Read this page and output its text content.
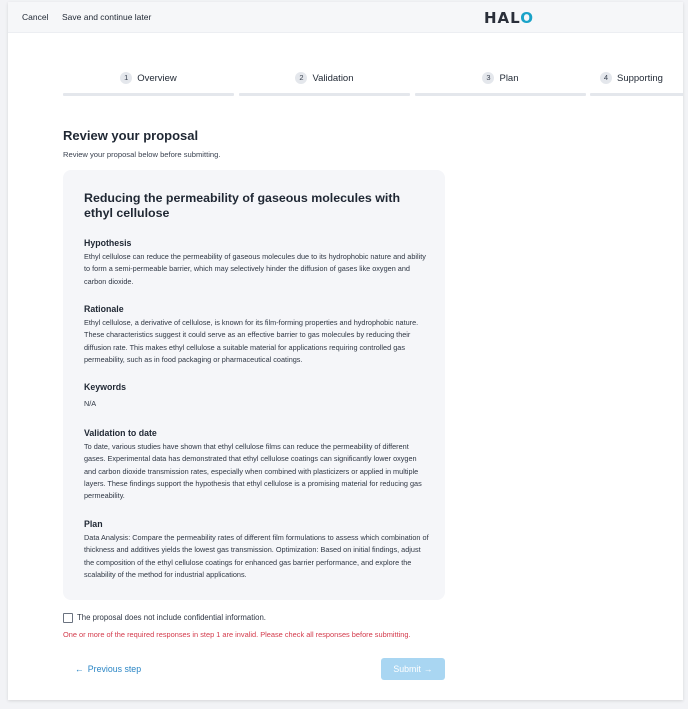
Cancel Save and continue later	HALO
1 Overview	2 Validation	3 Plan	4 Supporting
Review your proposal
Review your proposal below before submitting.
Reducing the permeability of gaseous molecules with ethyl cellulose
Hypothesis

Ethyl cellulose can reduce the permeability of gaseous molecules due to its hydrophobic nature and ability to form a semi-permeable barrier, which may selectively hinder the diffusion of gases like oxygen and carbon dioxide.

Rationale

Ethyl cellulose, a derivative of cellulose, is known for its film-forming properties and hydrophobic nature. These characteristics suggest it could serve as an effective barrier to gas molecules by reducing their diffusion rate. This makes ethyl cellulose a suitable material for applications requiring controlled gas permeability, such as in food packaging or pharmaceutical coatings.

Keywords

N/A

Validation to date

To date, various studies have shown that ethyl cellulose films can reduce the permeability of different gases. Experimental data has demonstrated that ethyl cellulose coatings can significantly lower oxygen and carbon dioxide transmission rates, especially when combined with plasticizers or applied in multiple layers. These findings support the hypothesis that ethyl cellulose is a promising material for reducing gas permeability.

Plan

Data Analysis: Compare the permeability rates of different film formulations to assess which combination of thickness and additives yields the lowest gas transmission. Optimization: Based on initial findings, adjust the composition of the ethyl cellulose coatings for enhanced gas barrier performance, and explore the scalability of the method for industrial applications.

The proposal does not include confidential information.
One or more of the required responses in step 1 are invalid. Please check all responses before submitting.
← Previous step	Submit →
